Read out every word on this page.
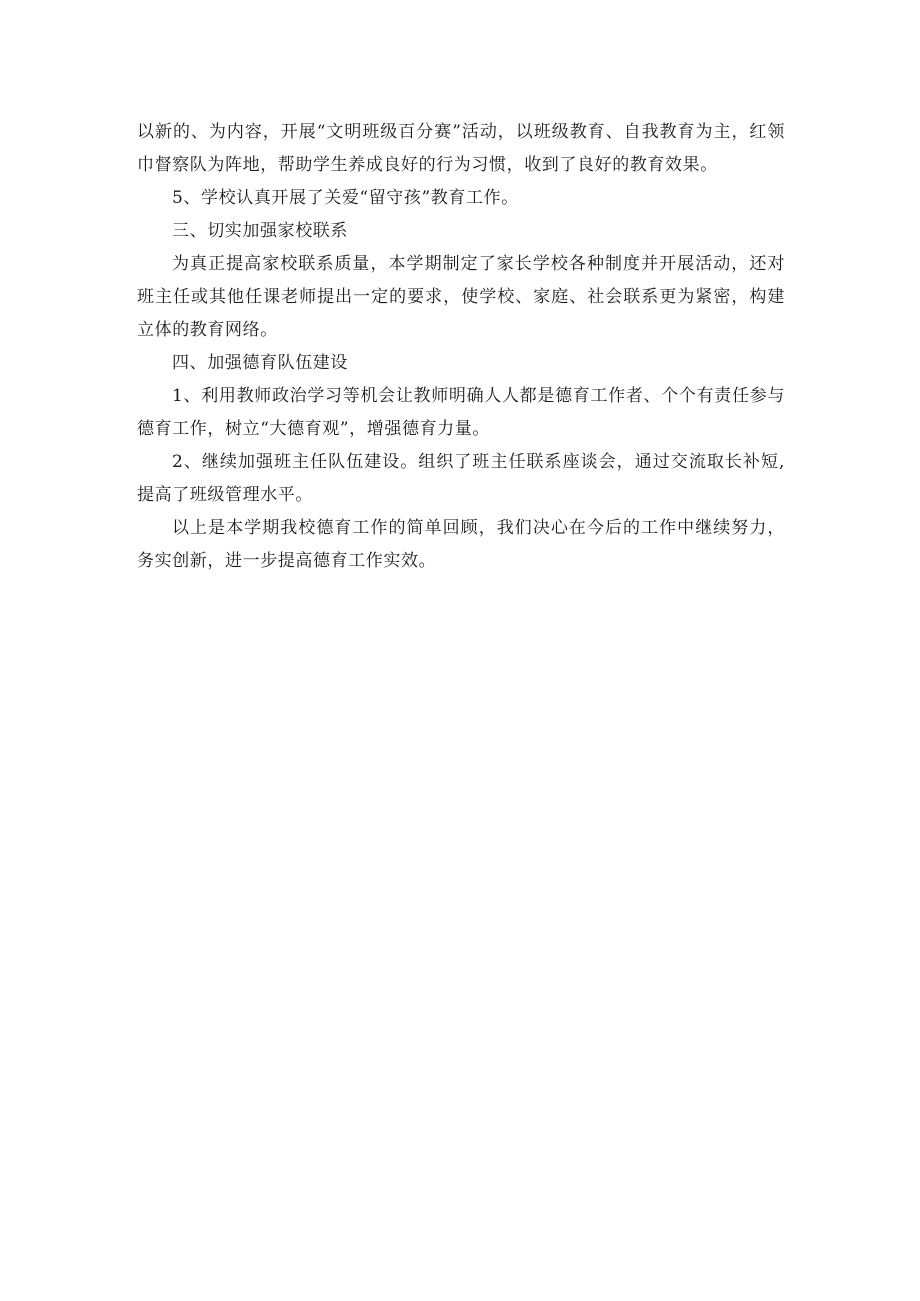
以新的、为内容，开展“文明班级百分赛”活动，以班级教育、自我教育为主，红领巾督察队为阵地，帮助学生养成良好的行为习惯，收到了良好的教育效果。

5、学校认真开展了关爱“留守孩”教育工作。

三、切实加强家校联系

为真正提高家校联系质量，本学期制定了家长学校各种制度并开展活动，还对班主任或其他任课老师提出一定的要求，使学校、家庭、社会联系更为紧密，构建立体的教育网络。

四、加强德育队伍建设

1、利用教师政治学习等机会让教师明确人人都是德育工作者、个个有责任参与德育工作，树立“大德育观”，增强德育力量。

2、继续加强班主任队伍建设。组织了班主任联系座谈会，通过交流取长补短,提高了班级管理水平。

以上是本学期我校德育工作的简单回顾，我们决心在今后的工作中继续努力，务实创新，进一步提高德育工作实效。
